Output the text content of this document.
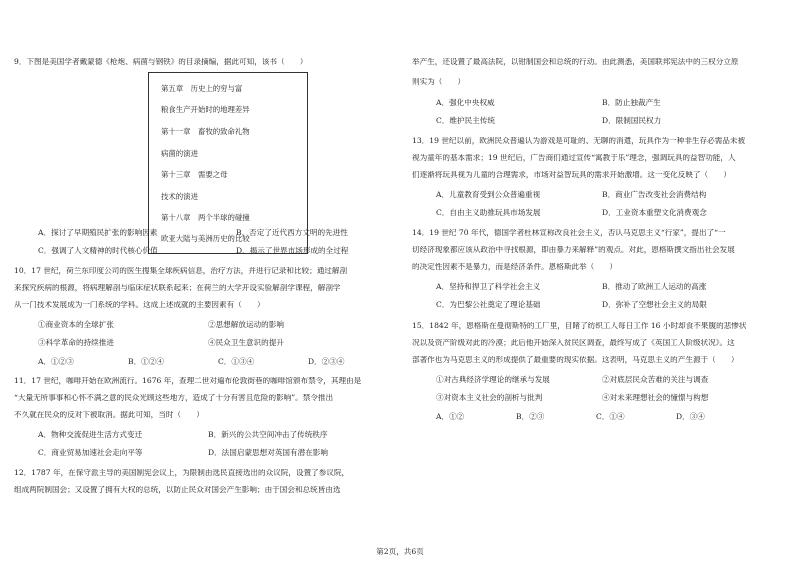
9．下图是美国学者戴蒙德《枪炮、病菌与钢铁》的目录摘编，据此可知，该书（　　）
第五章　历史上的穷与富
粮食生产开始时的地理差异
第十一章　畜牧的致命礼物
病菌的演进
第十三章　需要之母
技术的演进
第十八章　两个半球的碰撞
欧亚大陆与美洲历史的比较
A．探讨了早期殖民扩张的影响因素	B．否定了近代西方文明的先进性
C．强调了人文精神的时代核心价值	D．揭示了世界市场形成的全过程
10．17 世纪，荷兰东印度公司的医生搜集全球疾病信息，治疗方法，并进行记录和比较；通过解剖
来探究疾病的根源，将病理解剖与临床症状联系起来；在荷兰的大学开设实验解剖学课程，解剖学
从一门技术发展成为一门系统的学科。这成上述成就的主要因素有（　　）
①商业资本的全球扩张	②思想解放运动的影响
③科学革命的持续推进	④民众卫生意识的提升
A．①②③	B．①②④	C．①③④	D．②③④
11．17 世纪，咖啡开始在欧洲流行。1676 年，查理二世对遍布伦敦街巷的咖啡馆颁布禁令，其理由是
“大量无所事事和心怀不满之意的民众光顾这些地方，造成了十分有害且危险的影响”。禁令推出
不久就在民众的反对下被取消。据此可知，当时（　　）
A．物种交流促进生活方式变迁	B．新兴的公共空间冲击了传统秩序
C．商业贸易加速社会走向平等	D．法国启蒙思想对英国有潜在影响
12．1787 年，在保守派主导的美国制宪会议上，为限制由选民直接选出的众议院，设置了参议院，
组成两院制国会；又设置了拥有大权的总统，以防止民众对国会产生影响；由于国会和总统皆由选
举产生，还设置了最高法院，以钳制国会和总统的行动。由此测悉，美国联邦宪法中的三权分立原
则实为（　　）
A．强化中央权威	B．防止独裁产生
C．维护民主传统	D．限制国民权力
13．19 世纪以前，欧洲民众普遍认为游戏是可耻的、无聊的消遣，玩具作为一种非生存必需品未被
视为童年的基本需求；19 世纪后，广告商们通过宣传“寓教于乐”理念，强调玩具的益智功能，人
们逐渐将玩具视为儿童的合理需求，市场对益智玩具的需求开始激增。这一变化反映了（　　）
A．儿童教育受到公众普遍重视	B．商业广告改变社会消费结构
C．自由主义助推玩具市场发展	D．工业资本重塑文化消费观念
14．19 世纪 70 年代，德国学者杜林宣称改良社会主义，否认马克思主义“行家”，提出了“一
切经济现象都应该从政治中寻找根源，即由暴力来解释”的观点。对此，恩格斯撰文指出社会发展
的决定性因素不是暴力，而是经济条件。恩格斯此举（　　）
A．坚持和捍卫了科学社会主义	B．推动了欧洲工人运动的高涨
C．为巴黎公社奠定了理论基础	D．弥补了空想社会主义的局限
15．1842 年，恩格斯在曼彻斯特的工厂里，目睹了纺织工人每日工作 16 小时却食不果腹的悲惨状
况以及资产阶级对此的冷漠；此后他开始深入贫民区调查，最终写成了《英国工人阶级状况》。这
部著作也为马克思主义的形成提供了最重要的现实依据。这表明，马克思主义的产生源于（　　）
①对古典经济学理论的继承与发展	②对底层民众苦难的关注与调查
③对资本主义社会的剖析与批判	④对未来理想社会的憧憬与构想
A．①②	B．②③	C．①④	D．③④
第2页，共6页
